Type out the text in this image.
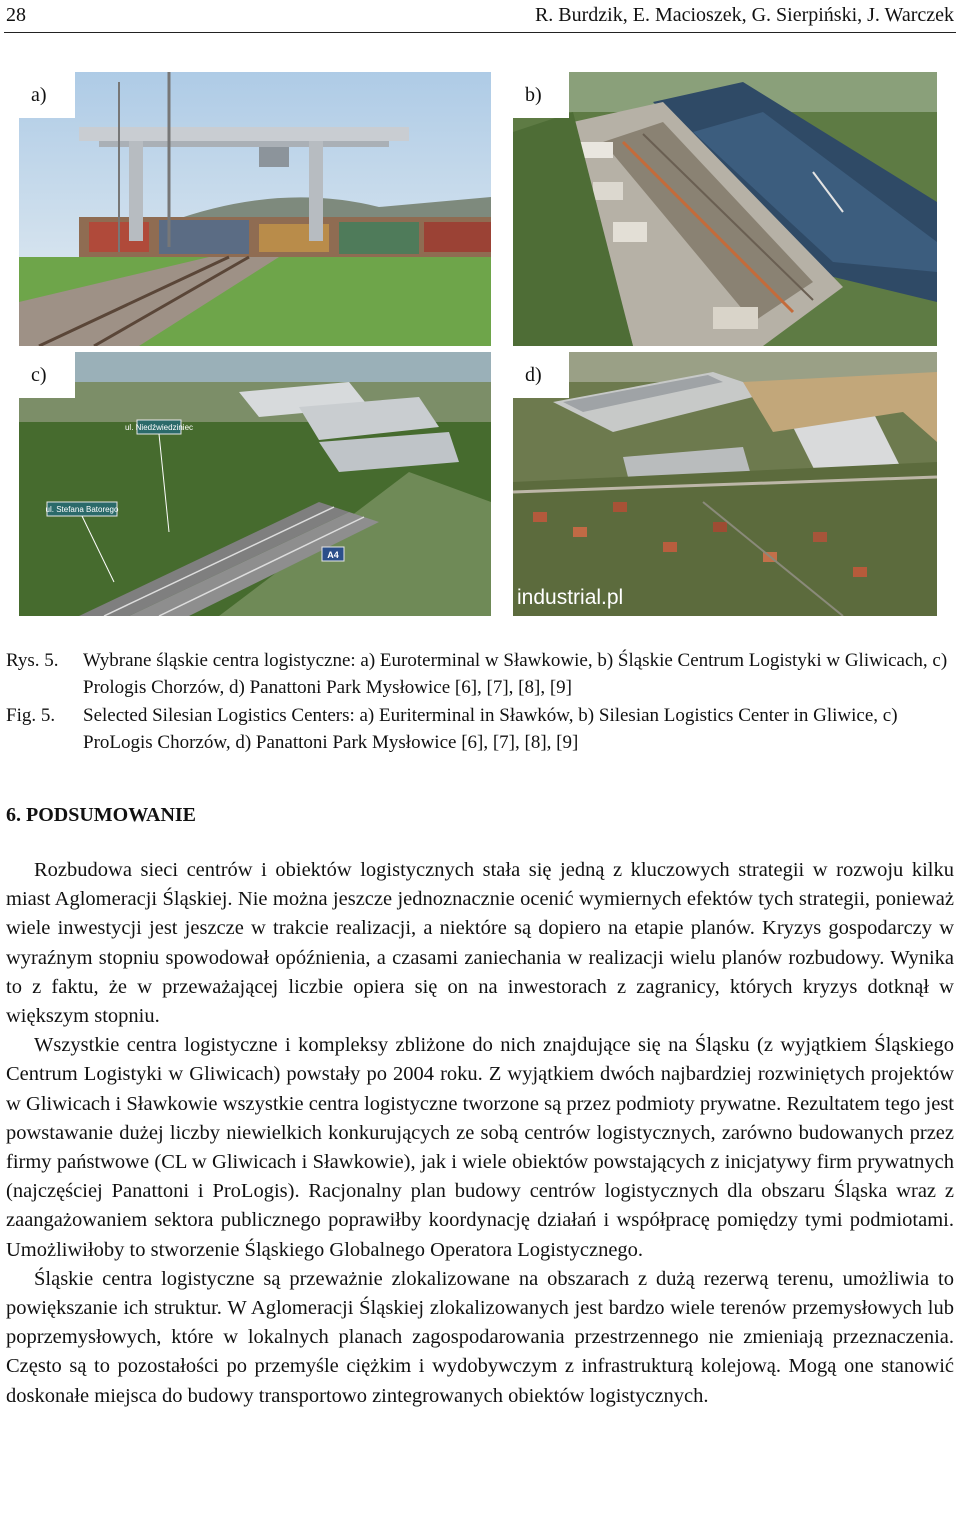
28	R. Burdzik, E. Macioszek, G. Sierpiński, J. Warczek
a)	b)
ul. Niedźwiedziniec
ul. Stefana Batorego
A4
c)
industrial.pl
d)
Rys. 5. Wybrane śląskie centra logistyczne: a) Euroterminal w Sławkowie, b) Śląskie Centrum Logistyki w Gliwicach, c) Prologis Chorzów, d) Panattoni Park Mysłowice [6], [7], [8], [9]
Fig. 5. Selected Silesian Logistics Centers: a) Euriterminal in Sławków, b) Silesian Logistics Center in Gliwice, c) ProLogis Chorzów, d) Panattoni Park Mysłowice [6], [7], [8], [9]
6. PODSUMOWANIE

Rozbudowa sieci centrów i obiektów logistycznych stała się jedną z kluczowych strategii w rozwoju kilku miast Aglomeracji Śląskiej. Nie można jeszcze jednoznacznie ocenić wymiernych efektów tych strategii, ponieważ wiele inwestycji jest jeszcze w trakcie realizacji, a niektóre są dopiero na etapie planów. Kryzys gospodarczy w wyraźnym stopniu spowodował opóźnienia, a czasami zaniechania w realizacji wielu planów rozbudowy. Wynika to z faktu, że w przeważającej liczbie opiera się on na inwestorach z zagranicy, których kryzys dotknął w większym stopniu.

Wszystkie centra logistyczne i kompleksy zbliżone do nich znajdujące się na Śląsku (z wyjątkiem Śląskiego Centrum Logistyki w Gliwicach) powstały po 2004 roku. Z wyjątkiem dwóch najbardziej rozwiniętych projektów w Gliwicach i Sławkowie wszystkie centra logistyczne tworzone są przez podmioty prywatne. Rezultatem tego jest powstawanie dużej liczby niewielkich konkurujących ze sobą centrów logistycznych, zarówno budowanych przez firmy państwowe (CL w Gliwicach i Sławkowie), jak i wiele obiektów powstających z inicjatywy firm prywatnych (najczęściej Panattoni i ProLogis). Racjonalny plan budowy centrów logistycznych dla obszaru Śląska wraz z zaangażowaniem sektora publicznego poprawiłby koordynację działań i współpracę pomiędzy tymi podmiotami. Umożliwiłoby to stworzenie Śląskiego Globalnego Operatora Logistycznego.

Śląskie centra logistyczne są przeważnie zlokalizowane na obszarach z dużą rezerwą terenu, umożliwia to powiększanie ich struktur. W Aglomeracji Śląskiej zlokalizowanych jest bardzo wiele terenów przemysłowych lub poprzemysłowych, które w lokalnych planach zagospodarowania przestrzennego nie zmieniają przeznaczenia. Często są to pozostałości po przemyśle ciężkim i wydobywczym z infrastrukturą kolejową. Mogą one stanowić doskonałe miejsca do budowy transportowo zintegrowanych obiektów logistycznych.
